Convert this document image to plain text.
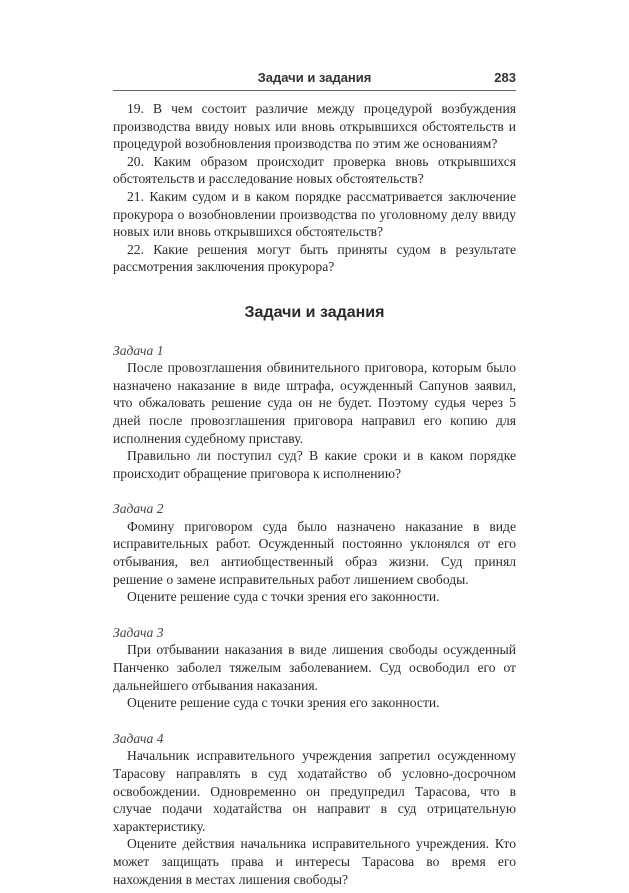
Задачи и задания	283

19. В чем состоит различие между процедурой возбуждения производства ввиду новых или вновь открывшихся обстоятельств и процедурой возобновления производства по этим же основаниям?

20. Каким образом происходит проверка вновь открывшихся обстоятельств и расследование новых обстоятельств?

21. Каким судом и в каком порядке рассматривается заключение прокурора о возобновлении производства по уголовному делу ввиду новых или вновь открывшихся обстоятельств?

22. Какие решения могут быть приняты судом в результате рассмотрения заключения прокурора?

Задачи и задания

Задача 1

После провозглашения обвинительного приговора, которым было назначено наказание в виде штрафа, осужденный Сапунов заявил, что обжаловать решение суда он не будет. Поэтому судья через 5 дней после провозглашения приговора направил его копию для исполнения судебному приставу.

Правильно ли поступил суд? В какие сроки и в каком порядке происходит обращение приговора к исполнению?

Задача 2

Фомину приговором суда было назначено наказание в виде исправительных работ. Осужденный постоянно уклонялся от его отбывания, вел антиобщественный образ жизни. Суд принял решение о замене исправительных работ лишением свободы.

Оцените решение суда с точки зрения его законности.

Задача 3

При отбывании наказания в виде лишения свободы осужденный Панченко заболел тяжелым заболеванием. Суд освободил его от дальнейшего отбывания наказания.

Оцените решение суда с точки зрения его законности.

Задача 4

Начальник исправительного учреждения запретил осужденному Тарасову направлять в суд ходатайство об условно-досрочном освобождении. Одновременно он предупредил Тарасова, что в случае подачи ходатайства он направит в суд отрицательную характеристику.

Оцените действия начальника исправительного учреждения. Кто может защищать права и интересы Тарасова во время его нахождения в местах лишения свободы?
